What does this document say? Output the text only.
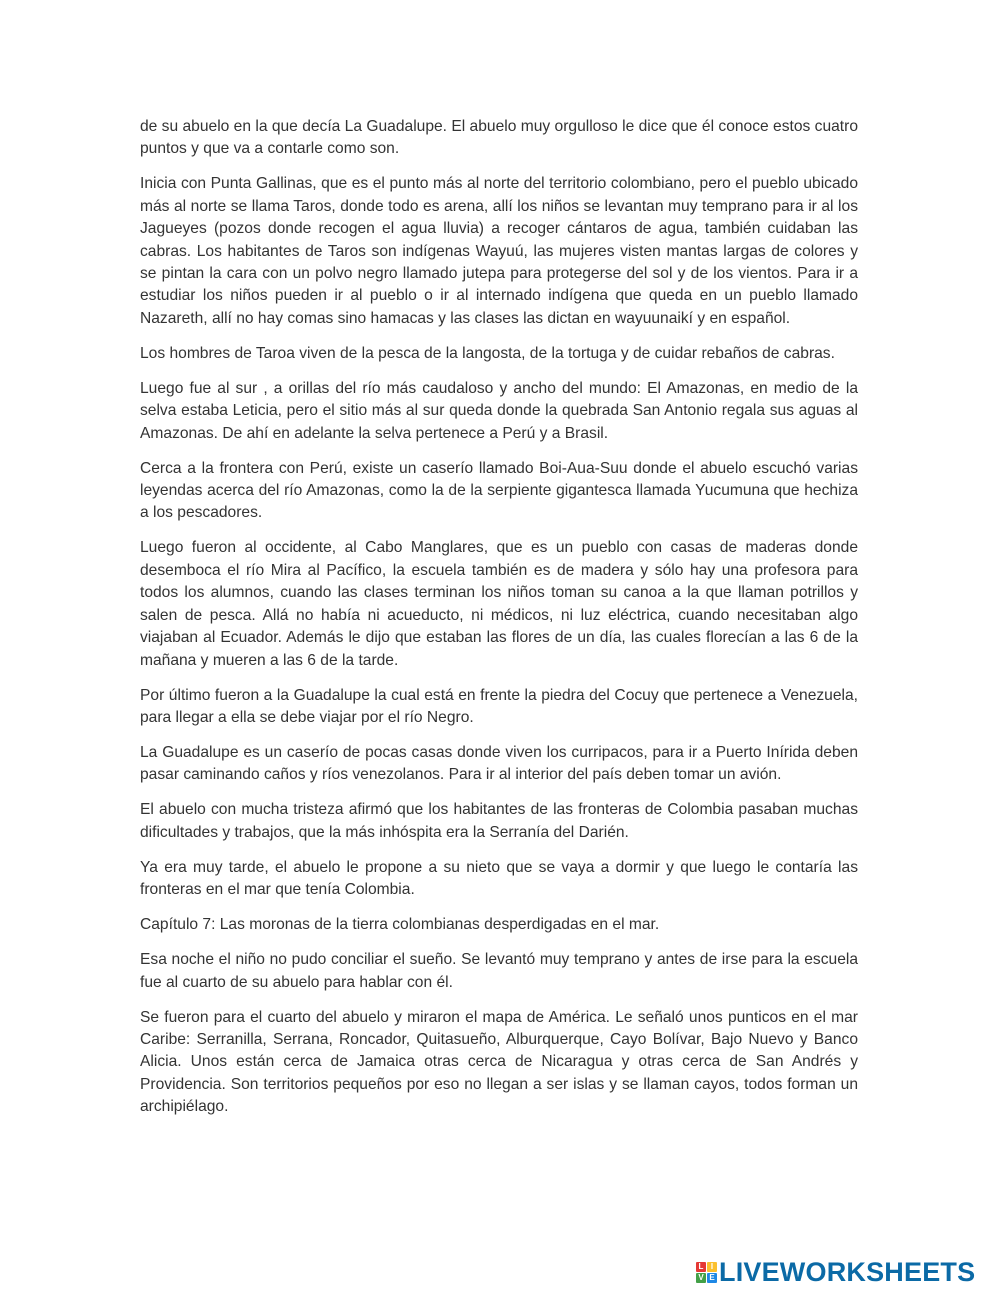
de su abuelo en la que decía La Guadalupe. El abuelo muy orgulloso le dice que él conoce estos cuatro puntos y que va a contarle como son.

Inicia con Punta Gallinas, que es el punto más al norte del territorio colombiano, pero el pueblo ubicado más al norte se llama Taros, donde todo es arena, allí los niños se levantan muy temprano para ir al los Jagueyes (pozos donde recogen el agua lluvia) a recoger cántaros de agua, también cuidaban las cabras. Los habitantes de Taros son indígenas Wayuú, las mujeres visten mantas largas de colores y se pintan la cara con un polvo negro llamado jutepa para protegerse del sol y de los vientos. Para ir a estudiar los niños pueden ir al pueblo o ir al internado indígena que queda en un pueblo llamado Nazareth, allí no hay comas sino hamacas y las clases las dictan en wayuunaikí y en español.

Los hombres de Taroa viven de la pesca de la langosta, de la tortuga y de cuidar rebaños de cabras.

Luego fue al sur , a orillas del río más caudaloso y ancho del mundo: El Amazonas, en medio de la selva estaba Leticia, pero el sitio más al sur queda donde la quebrada San Antonio regala sus aguas al Amazonas. De ahí en adelante la selva pertenece a Perú y a Brasil.

Cerca a la frontera con Perú, existe un caserío llamado Boi-Aua-Suu donde el abuelo escuchó varias leyendas acerca del río Amazonas, como la de la serpiente gigantesca llamada Yucumuna que hechiza a los pescadores.

Luego fueron al occidente, al Cabo Manglares, que es un pueblo con casas de maderas donde desemboca el río Mira al Pacífico, la escuela también es de madera y sólo hay una profesora para todos los alumnos, cuando las clases terminan los niños toman su canoa a la que llaman potrillos y salen de pesca. Allá no había ni acueducto, ni médicos, ni luz eléctrica, cuando necesitaban algo viajaban al Ecuador. Además le dijo que estaban las flores de un día, las cuales florecían a las 6 de la mañana y mueren a las 6 de la tarde.

Por último fueron a la Guadalupe la cual está en frente la piedra del Cocuy que pertenece a Venezuela, para llegar a ella se debe viajar por el río Negro.

La Guadalupe es un caserío de pocas casas donde viven los curripacos, para ir a Puerto Inírida deben pasar caminando caños y ríos venezolanos. Para ir al interior del país deben tomar un avión.

El abuelo con mucha tristeza afirmó que los habitantes de las fronteras de Colombia pasaban muchas dificultades y trabajos, que la más inhóspita era la Serranía del Darién.

Ya era muy tarde, el abuelo le propone a su nieto que se vaya a dormir y que luego le contaría las fronteras en el mar que tenía Colombia.

Capítulo 7: Las moronas de la tierra colombianas desperdigadas en el mar.

Esa noche el niño no pudo conciliar el sueño. Se levantó muy temprano y antes de irse para la escuela fue al cuarto de su abuelo para hablar con él.

Se fueron para el cuarto del abuelo y miraron el mapa de América. Le señaló unos punticos en el mar Caribe: Serranilla, Serrana, Roncador, Quitasueño, Alburquerque, Cayo Bolívar, Bajo Nuevo y Banco Alicia. Unos están cerca de Jamaica otras cerca de Nicaragua y otras cerca de San Andrés y Providencia. Son territorios pequeños por eso no llegan a ser islas y se llaman cayos, todos forman un archipiélago.

L I
V E LIVEWORKSHEETS
